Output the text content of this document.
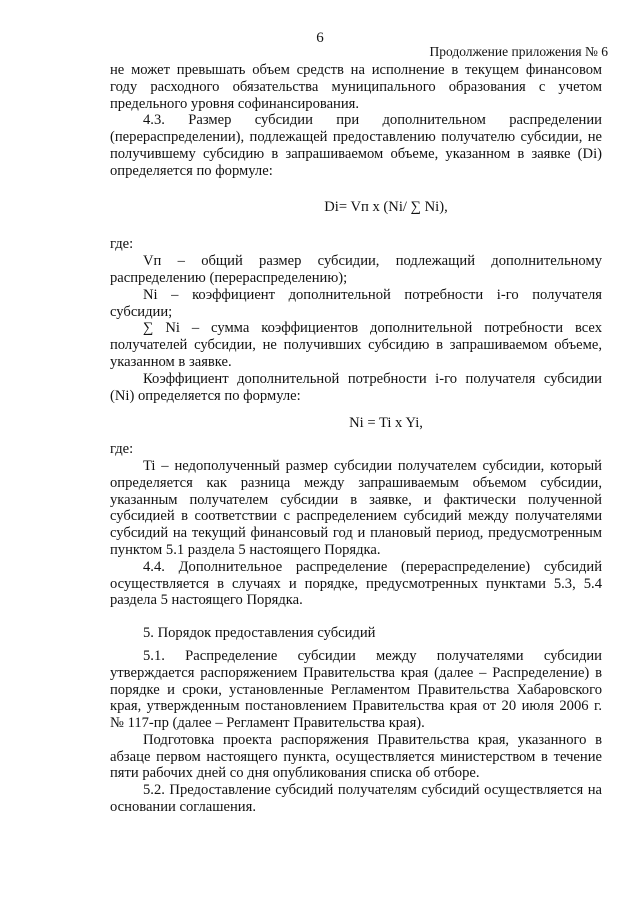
6
Продолжение приложения № 6

не может превышать объем средств на исполнение в текущем финансовом году расходного обязательства муниципального образования с учетом предельного уровня софинансирования.

4.3. Размер субсидии при дополнительном распределении (перераспределении), подлежащей предоставлению получателю субсидии, не получившему субсидию в запрашиваемом объеме, указанном в заявке (Di) определяется по формуле:

Di= Vп x (Ni/ ∑ Ni),

где:

Vп – общий размер субсидии, подлежащий дополнительному распределению (перераспределению);

Ni – коэффициент дополнительной потребности i-го получателя субсидии;

∑ Ni – сумма коэффициентов дополнительной потребности всех получателей субсидии, не получивших субсидию в запрашиваемом объеме, указанном в заявке.

Коэффициент дополнительной потребности i-го получателя субсидии (Ni) определяется по формуле:

Ni = Ti x Yi,

где:

Ti – недополученный размер субсидии получателем субсидии, который определяется как разница между запрашиваемым объемом субсидии, указанным получателем субсидии в заявке, и фактически полученной субсидией в соответствии с распределением субсидий между получателями субсидий на текущий финансовый год и плановый период, предусмотренным пунктом 5.1 раздела 5 настоящего Порядка.

4.4. Дополнительное распределение (перераспределение) субсидий осуществляется в случаях и порядке, предусмотренных пунктами 5.3, 5.4 раздела 5 настоящего Порядка.

5. Порядок предоставления субсидий

5.1. Распределение субсидии между получателями субсидии утверждается распоряжением Правительства края (далее – Распределение) в порядке и сроки, установленные Регламентом Правительства Хабаровского края, утвержденным постановлением Правительства края от 20 июля 2006 г. № 117-пр (далее – Регламент Правительства края).

Подготовка проекта распоряжения Правительства края, указанного в абзаце первом настоящего пункта, осуществляется министерством в течение пяти рабочих дней со дня опубликования списка об отборе.

5.2. Предоставление субсидий получателям субсидий осуществляется на основании соглашения.
